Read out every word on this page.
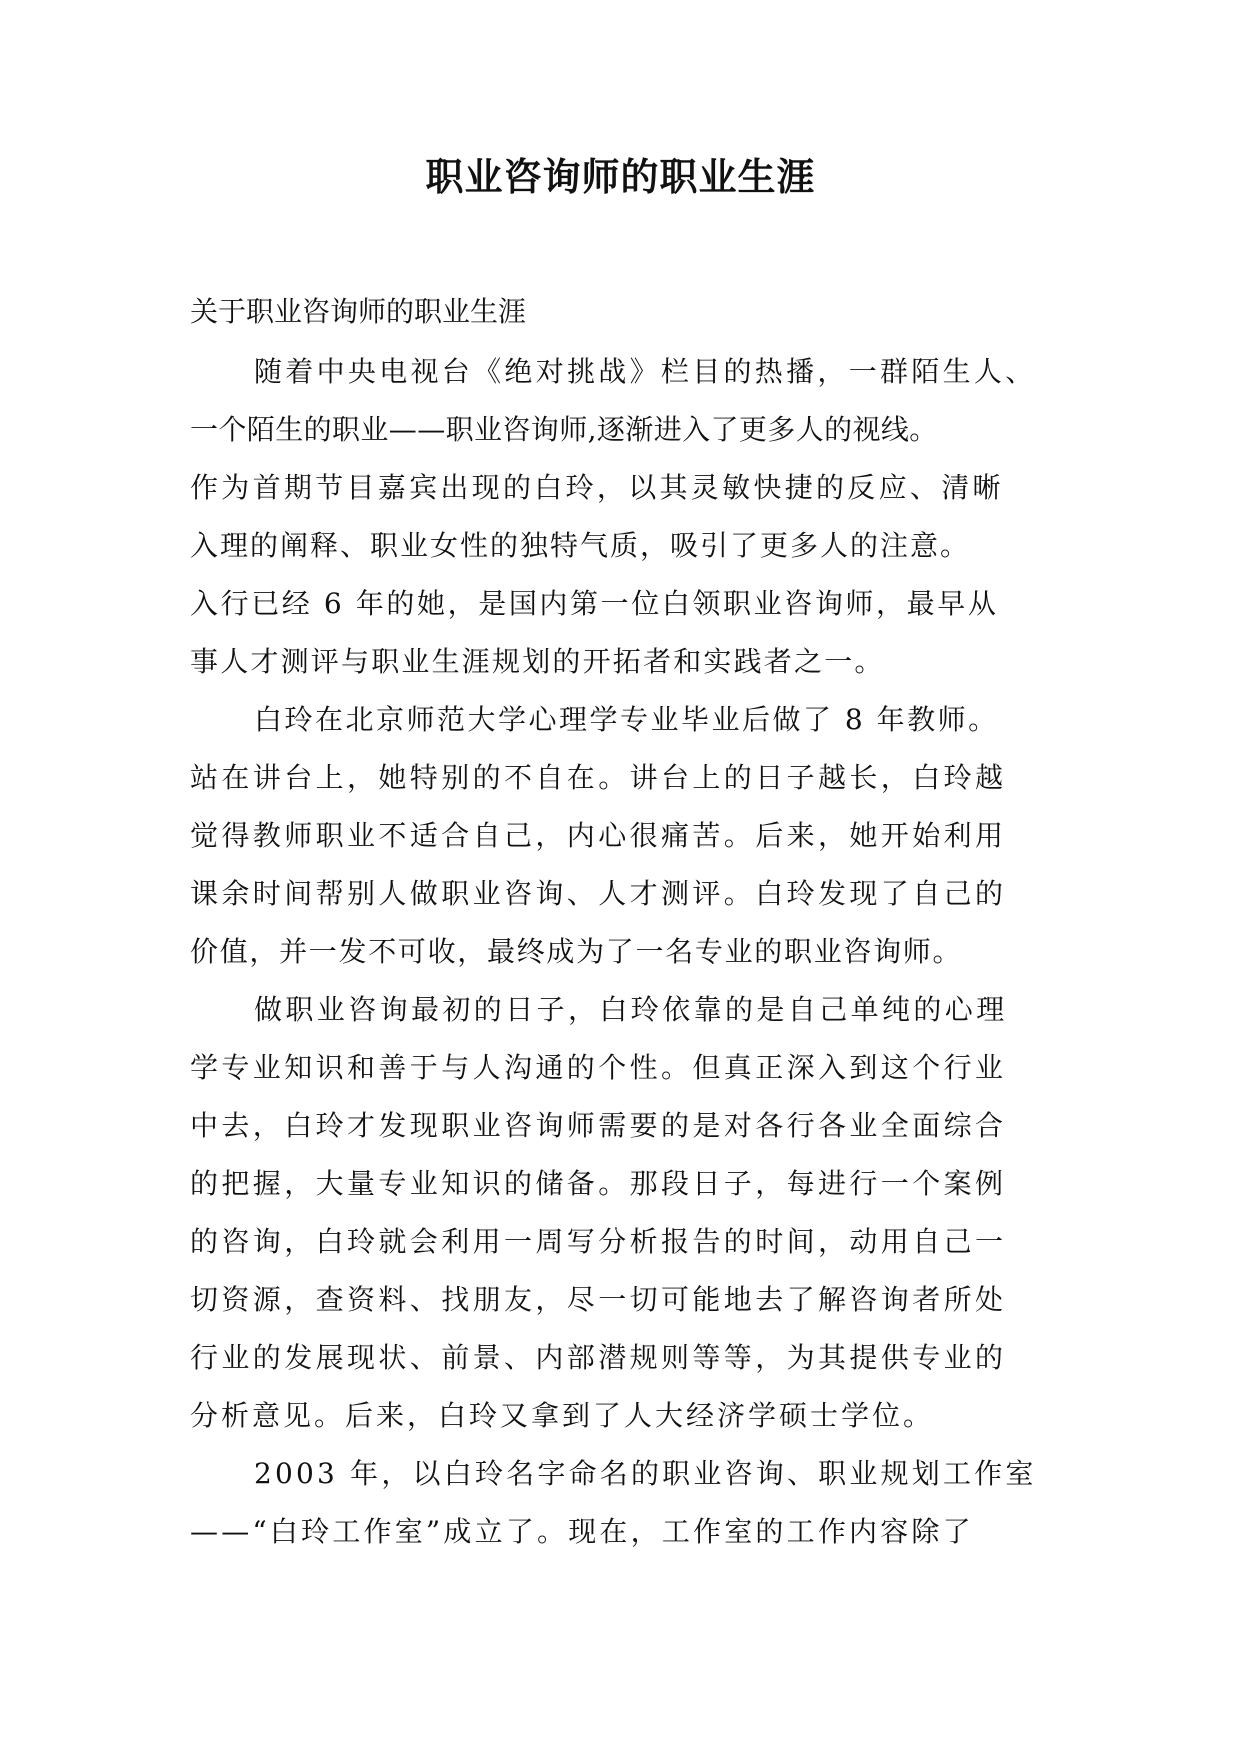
职业咨询师的职业生涯

关于职业咨询师的职业生涯

随着中央电视台《绝对挑战》栏目的热播，一群陌生人、

一个陌生的职业——职业咨询师,逐渐进入了更多人的视线。

作为首期节目嘉宾出现的白玲，以其灵敏快捷的反应、清晰

入理的阐释、职业女性的独特气质，吸引了更多人的注意。

入行已经 6 年的她，是国内第一位白领职业咨询师，最早从

事人才测评与职业生涯规划的开拓者和实践者之一。

白玲在北京师范大学心理学专业毕业后做了 8 年教师。

站在讲台上，她特别的不自在。讲台上的日子越长，白玲越

觉得教师职业不适合自己，内心很痛苦。后来，她开始利用

课余时间帮别人做职业咨询、人才测评。白玲发现了自己的

价值，并一发不可收，最终成为了一名专业的职业咨询师。

做职业咨询最初的日子，白玲依靠的是自己单纯的心理

学专业知识和善于与人沟通的个性。但真正深入到这个行业

中去，白玲才发现职业咨询师需要的是对各行各业全面综合

的把握，大量专业知识的储备。那段日子，每进行一个案例

的咨询，白玲就会利用一周写分析报告的时间，动用自己一

切资源，查资料、找朋友，尽一切可能地去了解咨询者所处

行业的发展现状、前景、内部潜规则等等，为其提供专业的

分析意见。后来，白玲又拿到了人大经济学硕士学位。

2003 年，以白玲名字命名的职业咨询、职业规划工作室

——“白玲工作室”成立了。现在，工作室的工作内容除了
